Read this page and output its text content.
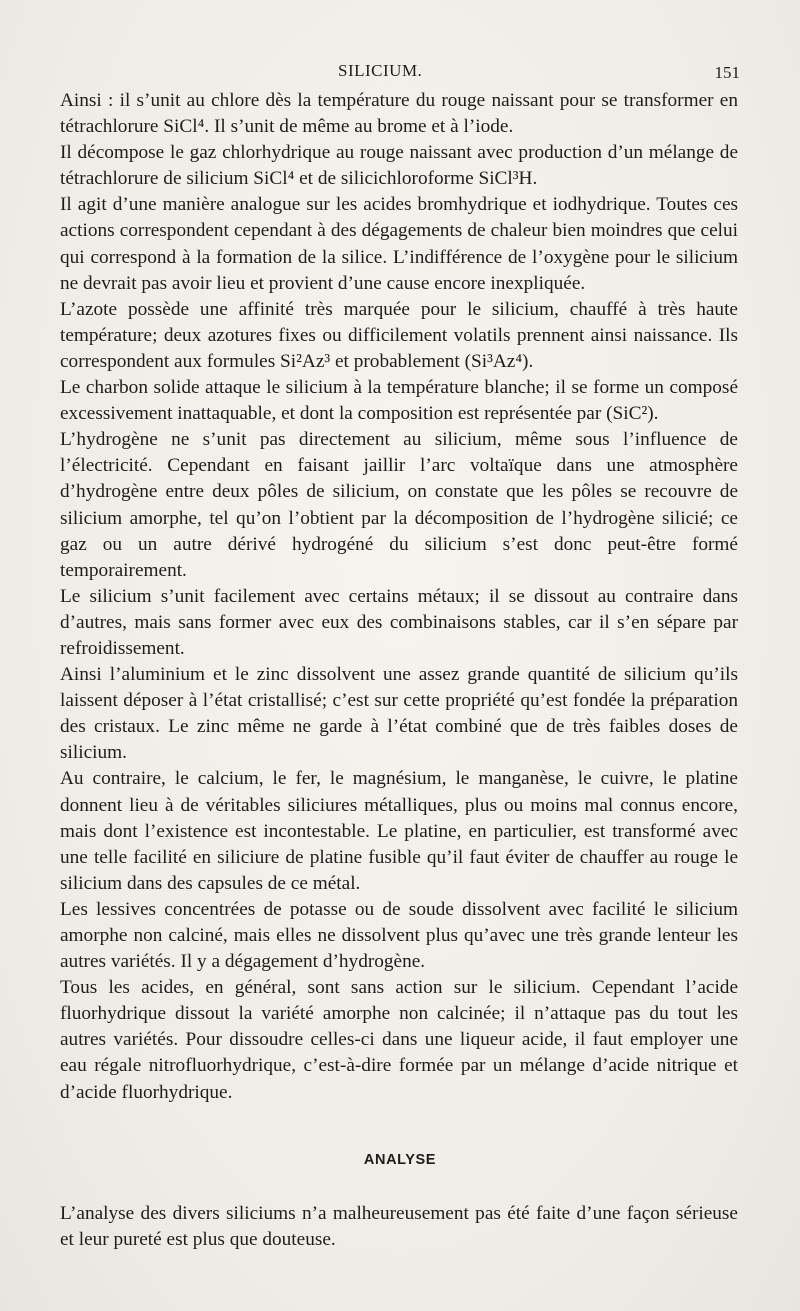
SILICIUM.	151

Ainsi : il s’unit au chlore dès la température du rouge naissant pour se transformer en tétrachlorure SiCl⁴. Il s’unit de même au brome et à l’iode.

Il décompose le gaz chlorhydrique au rouge naissant avec production d’un mélange de tétrachlorure de silicium SiCl⁴ et de silicichloroforme SiCl³H.

Il agit d’une manière analogue sur les acides bromhydrique et iodhydrique. Toutes ces actions correspondent cependant à des dégagements de chaleur bien moindres que celui qui correspond à la formation de la silice. L’indifférence de l’oxygène pour le silicium ne devrait pas avoir lieu et provient d’une cause encore inexpliquée.

L’azote possède une affinité très marquée pour le silicium, chauffé à très haute température; deux azotures fixes ou difficilement volatils prennent ainsi naissance. Ils correspondent aux formules Si²Az³ et probablement (Si³Az⁴).

Le charbon solide attaque le silicium à la température blanche; il se forme un composé excessivement inattaquable, et dont la composition est représentée par (SiC²).

L’hydrogène ne s’unit pas directement au silicium, même sous l’influence de l’électricité. Cependant en faisant jaillir l’arc voltaïque dans une atmosphère d’hydrogène entre deux pôles de silicium, on constate que les pôles se recouvre de silicium amorphe, tel qu’on l’obtient par la décomposition de l’hydrogène silicié; ce gaz ou un autre dérivé hydrogéné du silicium s’est donc peut-être formé temporairement.

Le silicium s’unit facilement avec certains métaux; il se dissout au contraire dans d’autres, mais sans former avec eux des combinaisons stables, car il s’en sépare par refroidissement.

Ainsi l’aluminium et le zinc dissolvent une assez grande quantité de silicium qu’ils laissent déposer à l’état cristallisé; c’est sur cette propriété qu’est fondée la préparation des cristaux. Le zinc même ne garde à l’état combiné que de très faibles doses de silicium.

Au contraire, le calcium, le fer, le magnésium, le manganèse, le cuivre, le platine donnent lieu à de véritables siliciures métalliques, plus ou moins mal connus encore, mais dont l’existence est incontestable. Le platine, en particulier, est transformé avec une telle facilité en siliciure de platine fusible qu’il faut éviter de chauffer au rouge le silicium dans des capsules de ce métal.

Les lessives concentrées de potasse ou de soude dissolvent avec facilité le silicium amorphe non calciné, mais elles ne dissolvent plus qu’avec une très grande lenteur les autres variétés. Il y a dégagement d’hydrogène.

Tous les acides, en général, sont sans action sur le silicium. Cependant l’acide fluorhydrique dissout la variété amorphe non calcinée; il n’attaque pas du tout les autres variétés. Pour dissoudre celles-ci dans une liqueur acide, il faut employer une eau régale nitrofluorhydrique, c’est-à-dire formée par un mélange d’acide nitrique et d’acide fluorhydrique.

ANALYSE

L’analyse des divers siliciums n’a malheureusement pas été faite d’une façon sérieuse et leur pureté est plus que douteuse.
